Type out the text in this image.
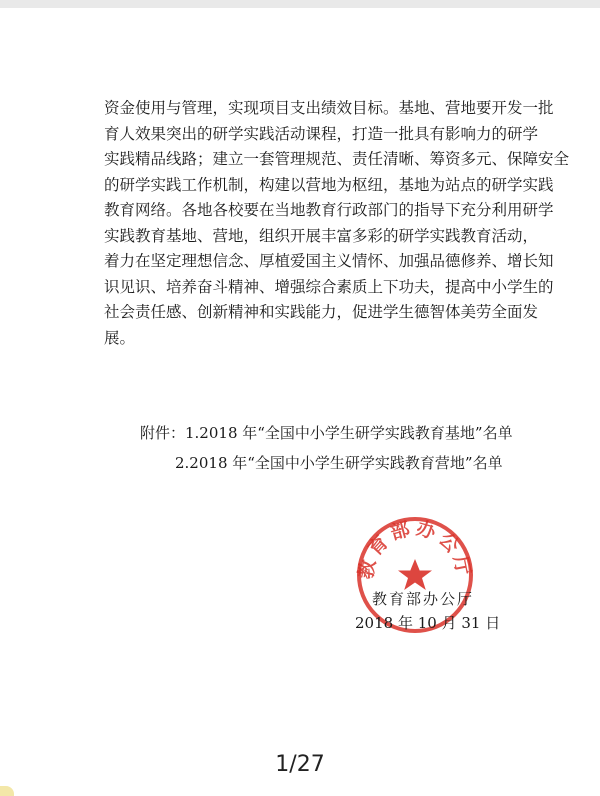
资金使用与管理，实现项目支出绩效目标。基地、营地要开发一批
育人效果突出的研学实践活动课程，打造一批具有影响力的研学
实践精品线路；建立一套管理规范、责任清晰、筹资多元、保障安全
的研学实践工作机制，构建以营地为枢纽，基地为站点的研学实践
教育网络。各地各校要在当地教育行政部门的指导下充分利用研学
实践教育基地、营地，组织开展丰富多彩的研学实践教育活动，
着力在坚定理想信念、厚植爱国主义情怀、加强品德修养、增长知
识见识、培养奋斗精神、增强综合素质上下功夫，提高中小学生的
社会责任感、创新精神和实践能力，促进学生德智体美劳全面发
展。
附件：1.2018 年“全国中小学生研学实践教育基地”名单
2.2018 年“全国中小学生研学实践教育营地”名单
教育部办公厅
教育部办公厅
2018 年 10 月 31 日
1/27
